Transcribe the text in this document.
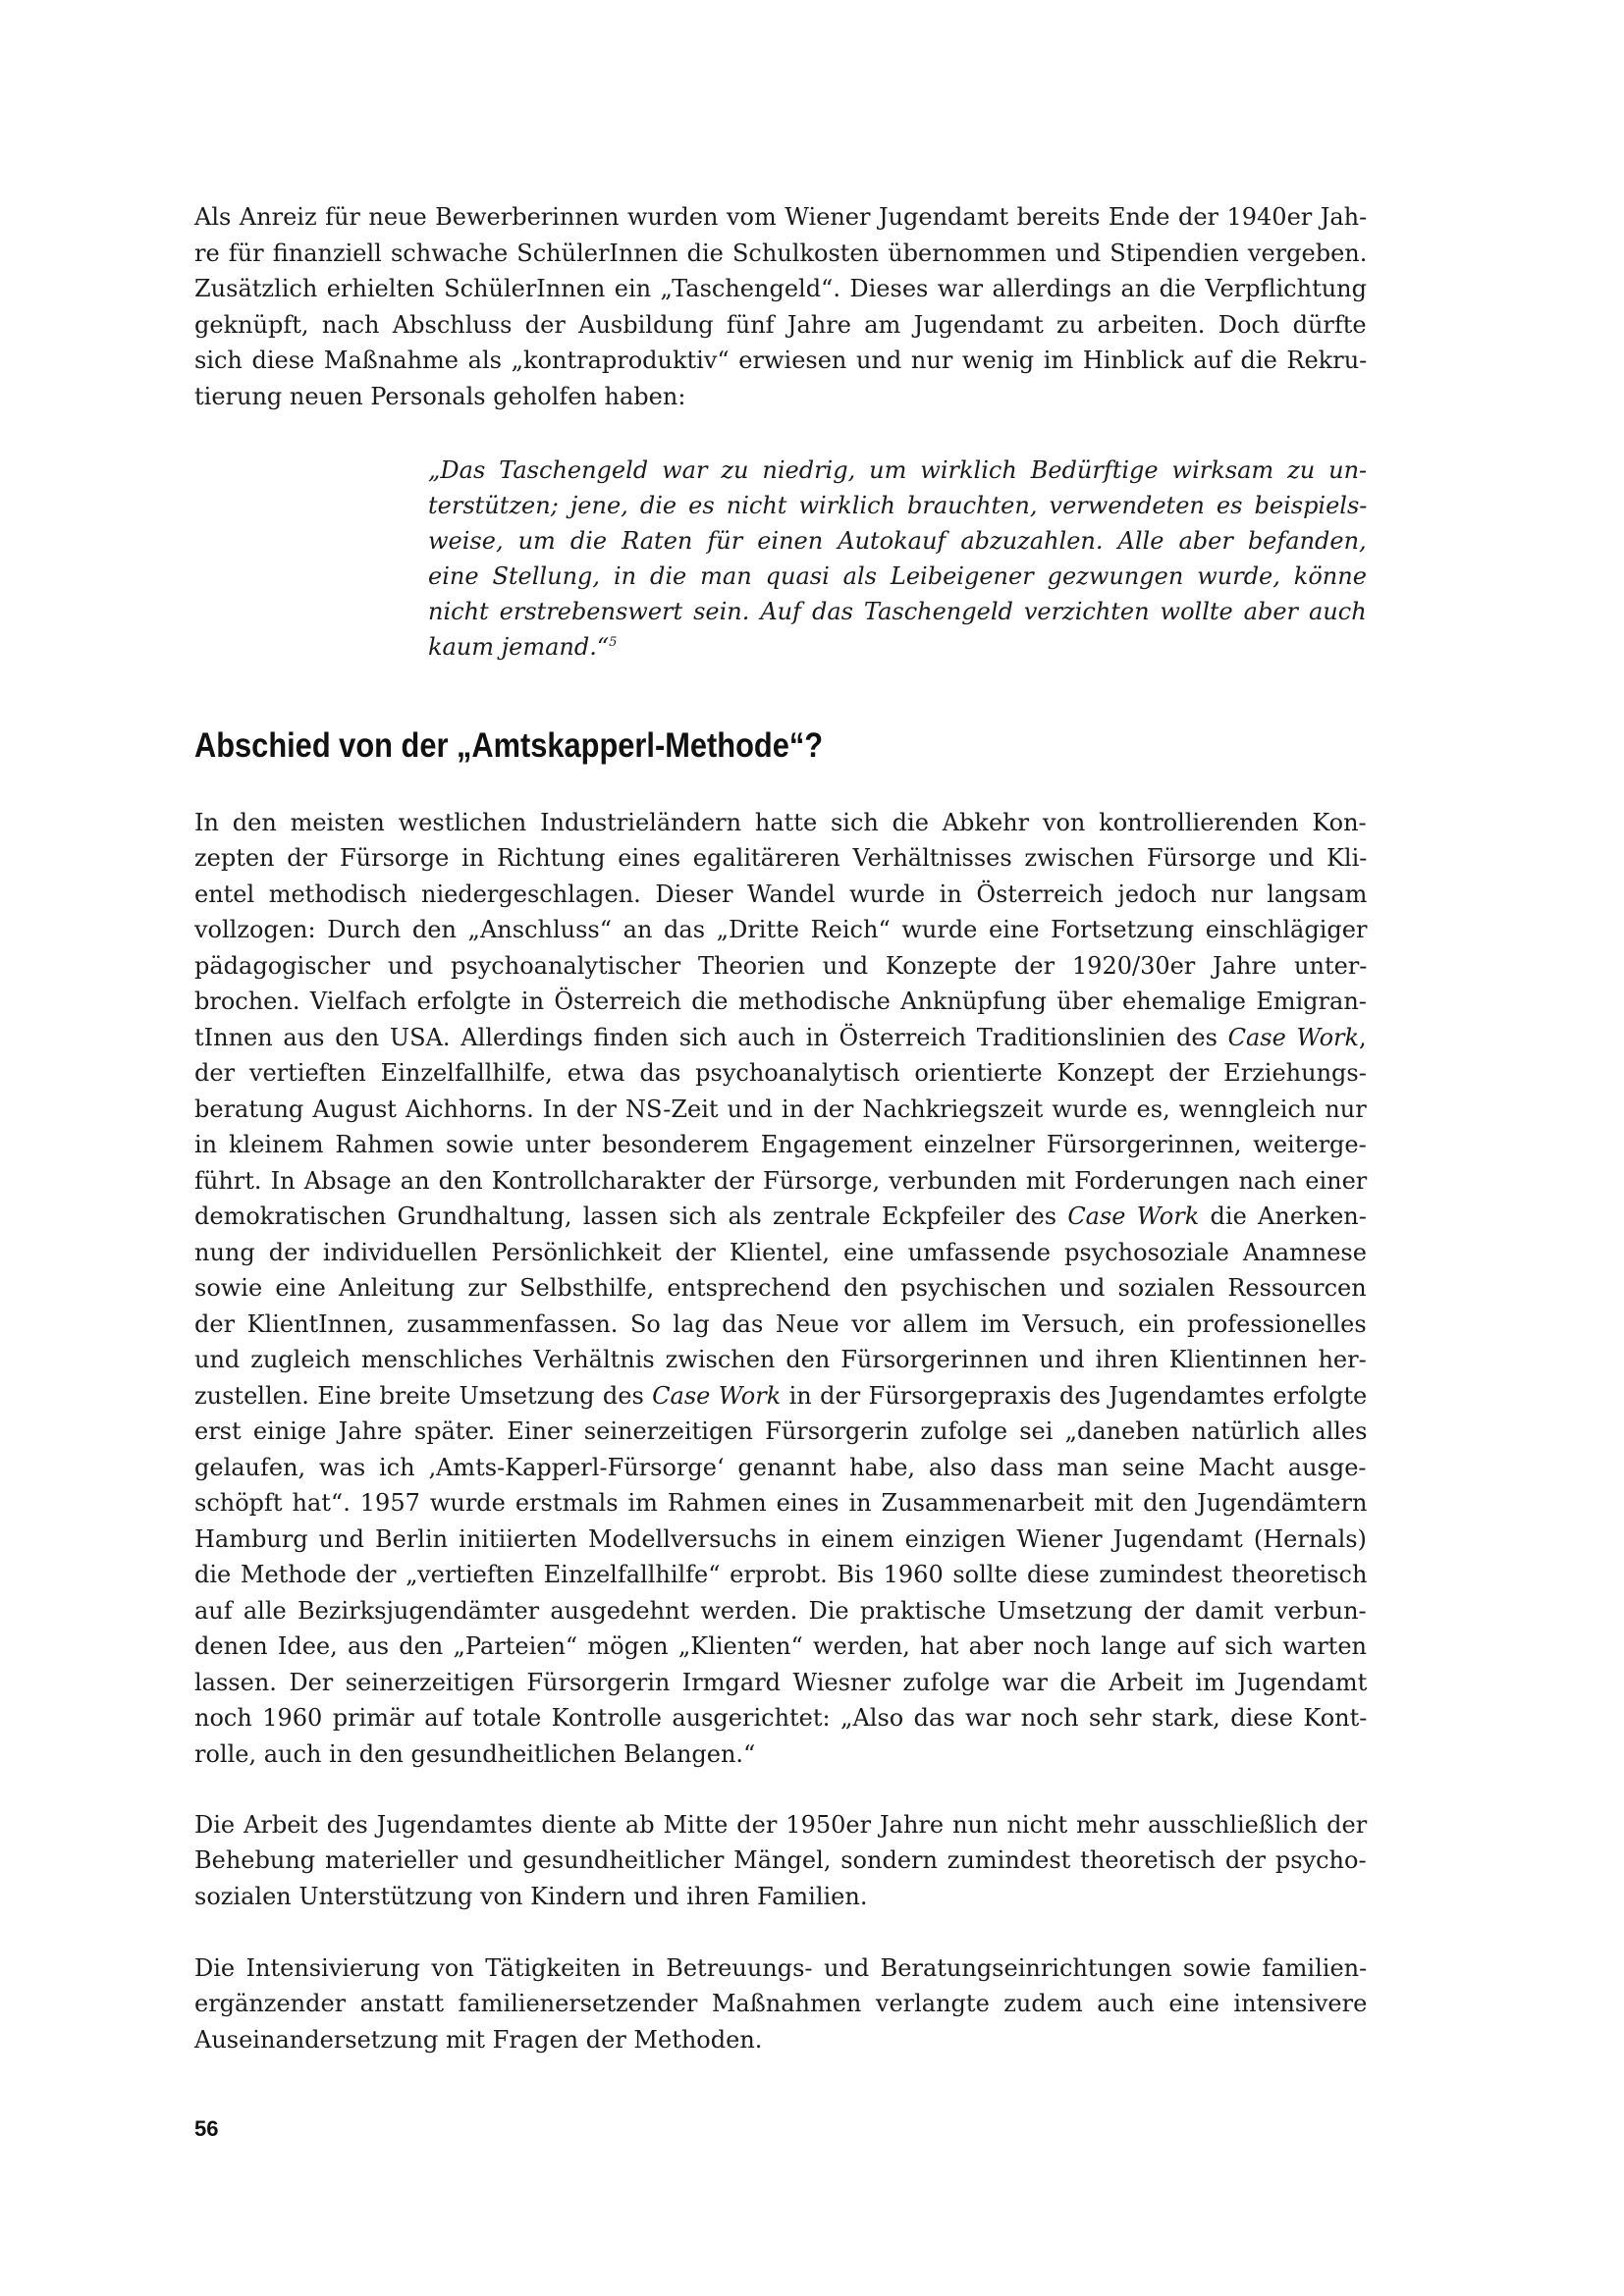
Als Anreiz für neue Bewerberinnen wurden vom Wiener Jugendamt bereits Ende der 1940er Jah-
re für finanziell schwache SchülerInnen die Schulkosten übernommen und Stipendien vergeben.
Zusätzlich erhielten SchülerInnen ein „Taschengeld“. Dieses war allerdings an die Verpflichtung
geknüpft, nach Abschluss der Ausbildung fünf Jahre am Jugendamt zu arbeiten. Doch dürfte
sich diese Maßnahme als „kontraproduktiv“ erwiesen und nur wenig im Hinblick auf die Rekru-
tierung neuen Personals geholfen haben:
„Das Taschengeld war zu niedrig, um wirklich Bedürftige wirksam zu un-
terstützen; jene, die es nicht wirklich brauchten, verwendeten es beispiels-
weise, um die Raten für einen Autokauf abzuzahlen. Alle aber befanden,
eine Stellung, in die man quasi als Leibeigener gezwungen wurde, könne
nicht erstrebenswert sein. Auf das Taschengeld verzichten wollte aber auch
kaum jemand.“$^5$
Abschied von der „Amtskapperl-Methode“?
In den meisten westlichen Industrieländern hatte sich die Abkehr von kontrollierenden Kon-
zepten der Fürsorge in Richtung eines egalitäreren Verhältnisses zwischen Fürsorge und Kli-
entel methodisch niedergeschlagen. Dieser Wandel wurde in Österreich jedoch nur langsam
vollzogen: Durch den „Anschluss“ an das „Dritte Reich“ wurde eine Fortsetzung einschlägiger
pädagogischer und psychoanalytischer Theorien und Konzepte der 1920/30er Jahre unter-
brochen. Vielfach erfolgte in Österreich die methodische Anknüpfung über ehemalige Emigran-
tInnen aus den USA. Allerdings finden sich auch in Österreich Traditionslinien des Case Work,
der vertieften Einzelfallhilfe, etwa das psychoanalytisch orientierte Konzept der Erziehungs-
beratung August Aichhorns. In der NS-Zeit und in der Nachkriegszeit wurde es, wenngleich nur
in kleinem Rahmen sowie unter besonderem Engagement einzelner Fürsorgerinnen, weiterge-
führt. In Absage an den Kontrollcharakter der Fürsorge, verbunden mit Forderungen nach einer
demokratischen Grundhaltung, lassen sich als zentrale Eckpfeiler des Case Work die Anerken-
nung der individuellen Persönlichkeit der Klientel, eine umfassende psychosoziale Anamnese
sowie eine Anleitung zur Selbsthilfe, entsprechend den psychischen und sozialen Ressourcen
der KlientInnen, zusammenfassen. So lag das Neue vor allem im Versuch, ein professionelles
und zugleich menschliches Verhältnis zwischen den Fürsorgerinnen und ihren Klientinnen her-
zustellen. Eine breite Umsetzung des Case Work in der Fürsorgepraxis des Jugendamtes erfolgte
erst einige Jahre später. Einer seinerzeitigen Fürsorgerin zufolge sei „daneben natürlich alles
gelaufen, was ich ‚Amts-Kapperl-Fürsorge‘ genannt habe, also dass man seine Macht ausge-
schöpft hat“. 1957 wurde erstmals im Rahmen eines in Zusammenarbeit mit den Jugendämtern
Hamburg und Berlin initiierten Modellversuchs in einem einzigen Wiener Jugendamt (Hernals)
die Methode der „vertieften Einzelfallhilfe“ erprobt. Bis 1960 sollte diese zumindest theoretisch
auf alle Bezirksjugendämter ausgedehnt werden. Die praktische Umsetzung der damit verbun-
denen Idee, aus den „Parteien“ mögen „Klienten“ werden, hat aber noch lange auf sich warten
lassen. Der seinerzeitigen Fürsorgerin Irmgard Wiesner zufolge war die Arbeit im Jugendamt
noch 1960 primär auf totale Kontrolle ausgerichtet: „Also das war noch sehr stark, diese Kont-
rolle, auch in den gesundheitlichen Belangen.“
Die Arbeit des Jugendamtes diente ab Mitte der 1950er Jahre nun nicht mehr ausschließlich der
Behebung materieller und gesundheitlicher Mängel, sondern zumindest theoretisch der psycho-
sozialen Unterstützung von Kindern und ihren Familien.
Die Intensivierung von Tätigkeiten in Betreuungs- und Beratungseinrichtungen sowie familien-
ergänzender anstatt familienersetzender Maßnahmen verlangte zudem auch eine intensivere
Auseinandersetzung mit Fragen der Methoden.
56
